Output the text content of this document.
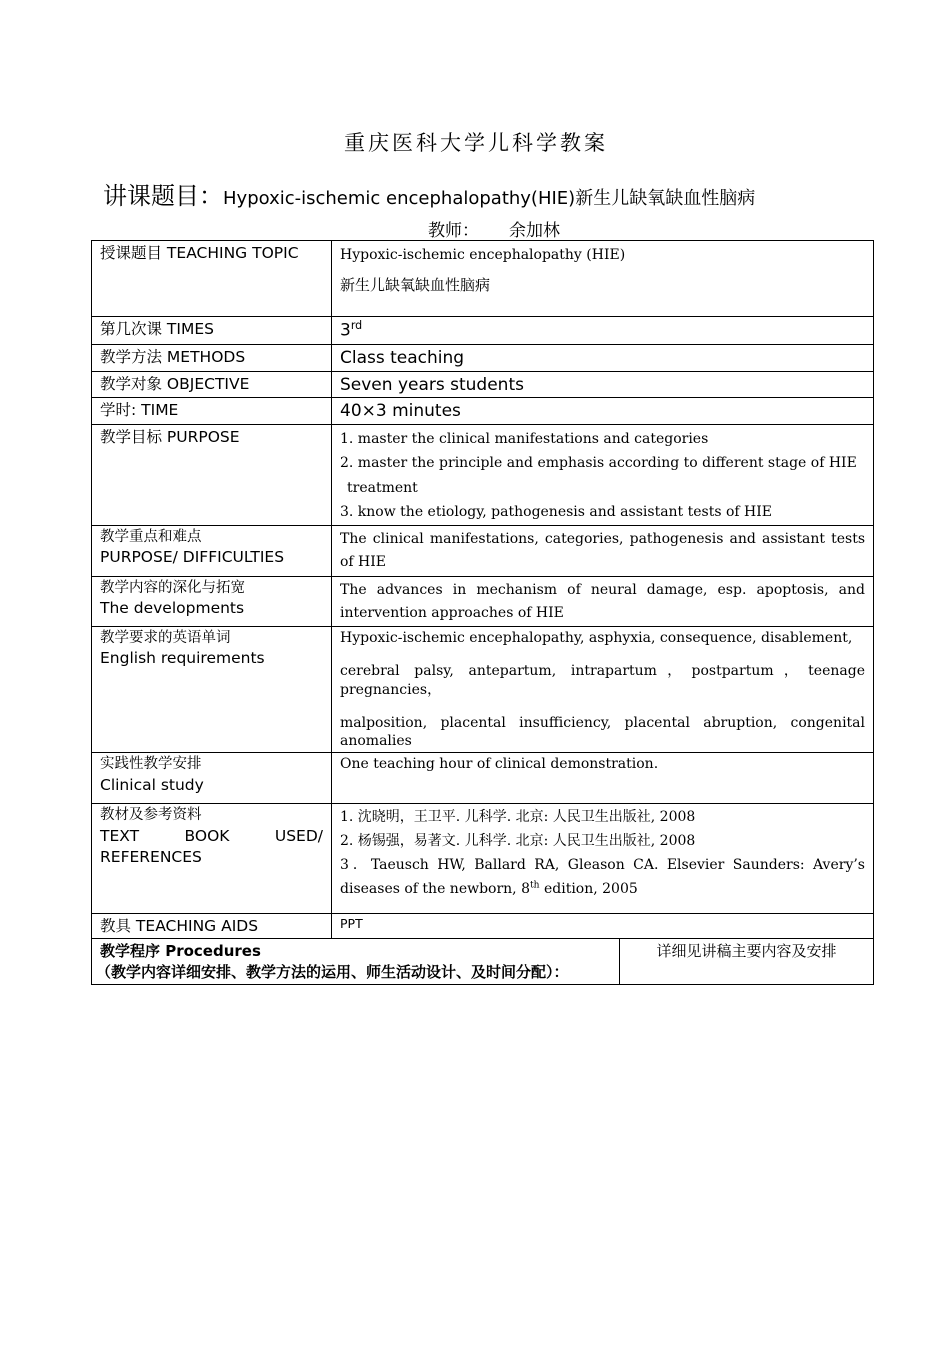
重庆医科大学儿科学教案
讲课题目：Hypoxic-ischemic encephalopathy(HIE)新生儿缺氧缺血性脑病
教师： 余加林
授课题目 TEACHING TOPIC	Hypoxic-ischemic encephalopathy (HIE)
新生儿缺氧缺血性脑病	

第几次课 TIMES	3rd
教学方法 METHODS	Class teaching	
教学对象 OBJECTIVE	Seven years students	
学时: TIME	40×3 minutes	
教学目标 PURPOSE	1. master the clinical manifestations and categories
2. master the principle and emphasis according to different stage of HIE
treatment
3. know the etiology, pathogenesis and assistant tests of HIE	

教学重点和难点
PURPOSE/ DIFFICULTIES	The clinical manifestations, categories, pathogenesis and assistant tests of HIE	

教学内容的深化与拓宽
The developments	The advances in mechanism of neural damage, esp. apoptosis, and intervention approaches of HIE	

教学要求的英语单词
English requirements	Hypoxic-ischemic encephalopathy, asphyxia, consequence, disablement,
cerebral palsy, antepartum, intrapartum，postpartum，teenage pregnancies，
malposition, placental insufficiency, placental abruption, congenital anomalies	

实践性教学安排
Clinical study	One teaching hour of clinical demonstration.	

教材及参考资料
TEXT BOOK USED/ REFERENCES	1. 沈晓明，王卫平. 儿科学. 北京: 人民卫生出版社, 2008
2. 杨锡强，易著文. 儿科学. 北京: 人民卫生出版社, 2008
3．Taeusch HW, Ballard RA, Gleason CA. Elsevier Saunders: Avery’s diseases of the newborn, 8th edition, 2005	

教具 TEACHING AIDS	PPT	

教学程序 Procedures
（教学内容详细安排、教学方法的运用、师生活动设计、及时间分配）：		详细见讲稿主要内容及安排
